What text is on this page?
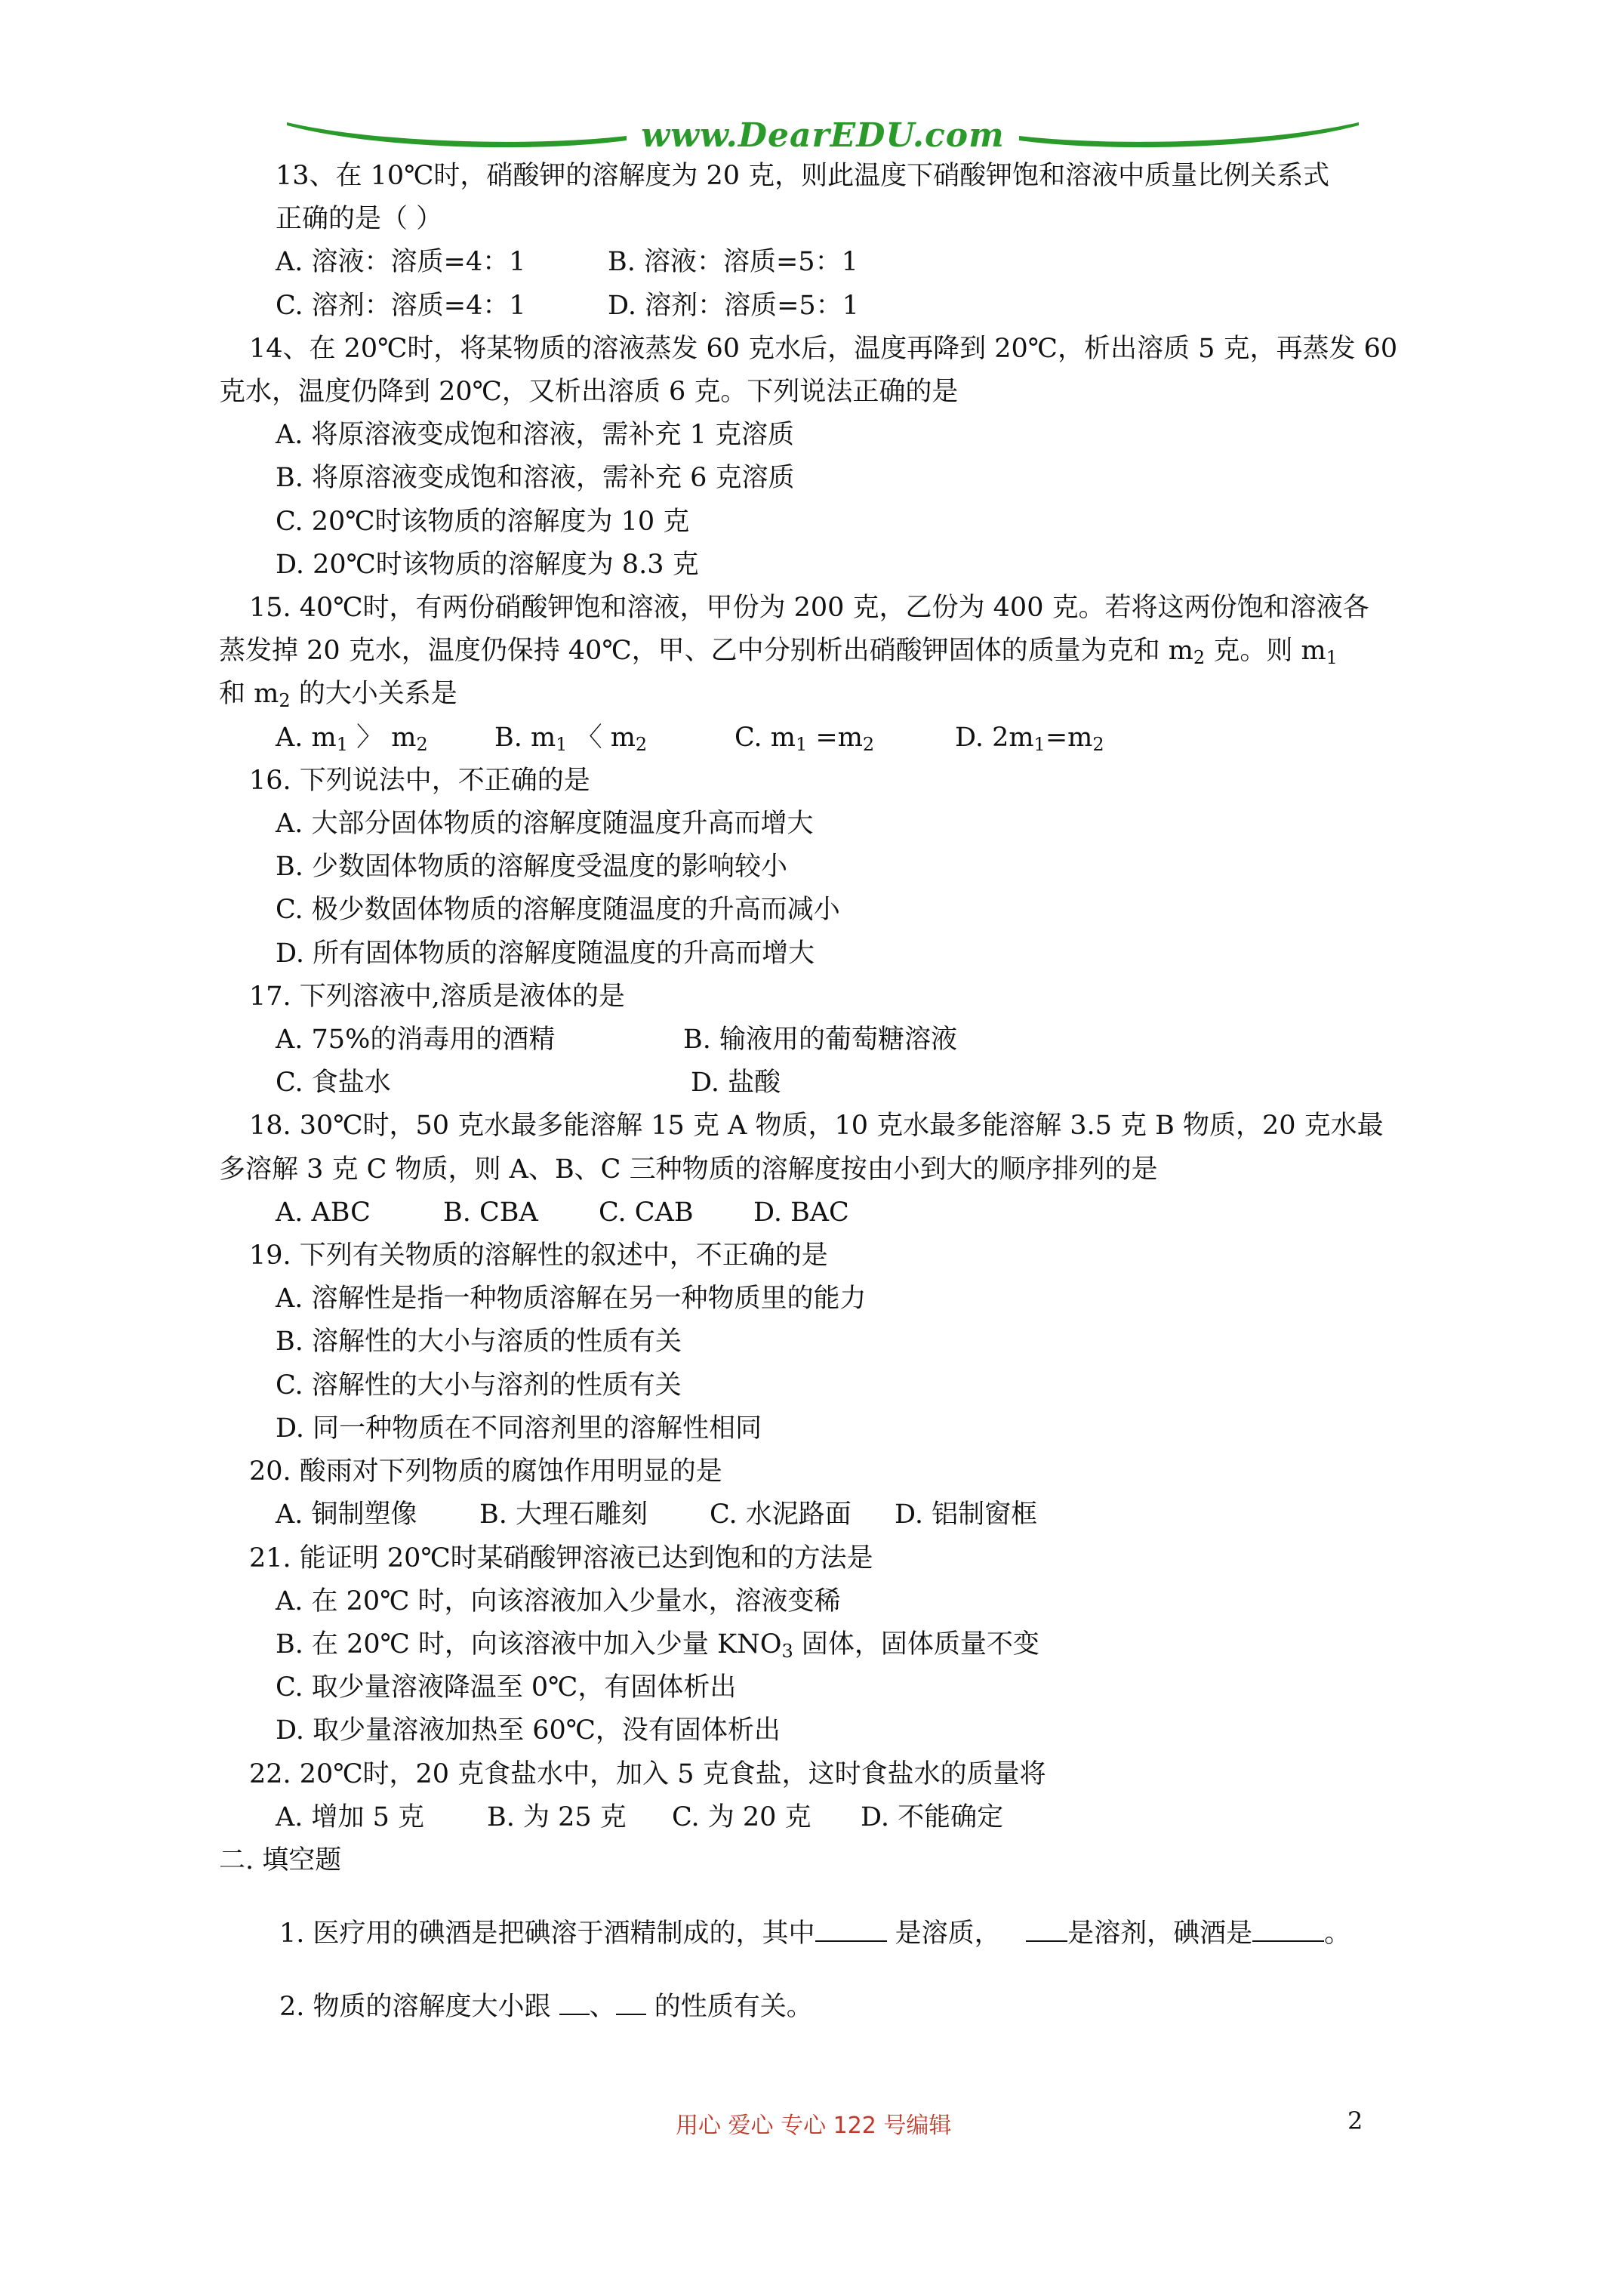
www.DearEDU.com
13、在 10℃时，硝酸钾的溶解度为 20 克，则此温度下硝酸钾饱和溶液中质量比例关系式
正确的是（ ）
A. 溶液：溶质=4：1	B. 溶液：溶质=5：1
C. 溶剂：溶质=4：1	D. 溶剂：溶质=5：1
14、在 20℃时，将某物质的溶液蒸发 60 克水后，温度再降到 20℃，析出溶质 5 克，再蒸发 60
克水，温度仍降到 20℃，又析出溶质 6 克。下列说法正确的是
A. 将原溶液变成饱和溶液，需补充 1 克溶质
B. 将原溶液变成饱和溶液，需补充 6 克溶质
C. 20℃时该物质的溶解度为 10 克
D. 20℃时该物质的溶解度为 8.3 克
15. 40℃时，有两份硝酸钾饱和溶液，甲份为 200 克，乙份为 400 克。若将这两份饱和溶液各
蒸发掉 20 克水，温度仍保持 40℃，甲、乙中分别析出硝酸钾固体的质量为克和 $m_2$ 克。则 $m_1$
和 $m_2$ 的大小关系是
A. $m_1$ 〉 $m_2$	B. $m_1$ 〈 $m_2$	C. $m_1 =m_2$	D. $2m_1=m_2$
16. 下列说法中，不正确的是
A. 大部分固体物质的溶解度随温度升高而增大
B. 少数固体物质的溶解度受温度的影响较小
C. 极少数固体物质的溶解度随温度的升高而减小
D. 所有固体物质的溶解度随温度的升高而增大
17. 下列溶液中,溶质是液体的是
A. 75%的消毒用的酒精	B. 输液用的葡萄糖溶液
C. 食盐水	D. 盐酸
18. 30℃时，50 克水最多能溶解 15 克 A 物质，10 克水最多能溶解 3.5 克 B 物质，20 克水最
多溶解 3 克 C 物质，则 A、B、C 三种物质的溶解度按由小到大的顺序排列的是
A. ABC	B. CBA C. CAB D. BAC
19. 下列有关物质的溶解性的叙述中，不正确的是
A. 溶解性是指一种物质溶解在另一种物质里的能力
B. 溶解性的大小与溶质的性质有关
C. 溶解性的大小与溶剂的性质有关
D. 同一种物质在不同溶剂里的溶解性相同
20. 酸雨对下列物质的腐蚀作用明显的是
A. 铜制塑像 B. 大理石雕刻 C. 水泥路面 D. 铝制窗框
21. 能证明 20℃时某硝酸钾溶液已达到饱和的方法是
A. 在 20℃ 时，向该溶液加入少量水，溶液变稀
B. 在 20℃ 时，向该溶液中加入少量 $KNO_3$ 固体，固体质量不变
C. 取少量溶液降温至 0℃，有固体析出
D. 取少量溶液加热至 60℃，没有固体析出
22. 20℃时，20 克食盐水中，加入 5 克食盐，这时食盐水的质量将
A. 增加 5 克 B. 为 25 克 C. 为 20 克 D. 不能确定
二. 填空题
1. 医疗用的碘酒是把碘溶于酒精制成的，其中	是溶质，	是溶剂，碘酒是	。
2. 物质的溶解度大小跟 、 的性质有关。
用心 爱心 专心 122 号编辑	2
